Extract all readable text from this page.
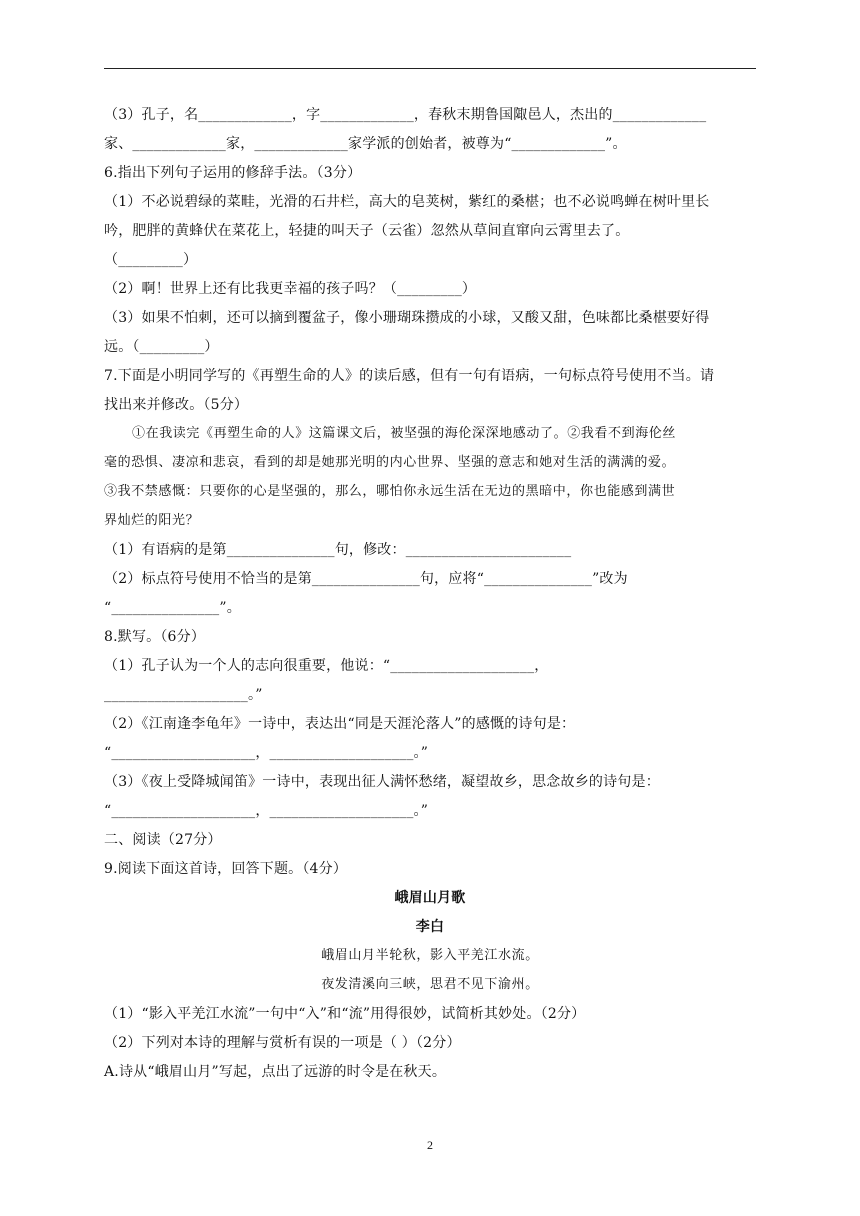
（3）孔子，名_____________，字_____________，春秋末期鲁国陬邑人，杰出的_____________
家、_____________家，_____________家学派的创始者，被尊为“_____________”。
6.指出下列句子运用的修辞手法。（3分）
（1）不必说碧绿的菜畦，光滑的石井栏，高大的皂荚树，紫红的桑椹；也不必说鸣蝉在树叶里长
吟，肥胖的黄蜂伏在菜花上，轻捷的叫天子（云雀）忽然从草间直窜向云霄里去了。
（_________）
（2）啊！世界上还有比我更幸福的孩子吗？（_________）
（3）如果不怕刺，还可以摘到覆盆子，像小珊瑚珠攒成的小球，又酸又甜，色味都比桑椹要好得
远。（_________）
7.下面是小明同学写的《再塑生命的人》的读后感，但有一句有语病，一句标点符号使用不当。请
找出来并修改。（5分）
①在我读完《再塑生命的人》这篇课文后，被坚强的海伦深深地感动了。②我看不到海伦丝
毫的恐惧、凄凉和悲哀，看到的却是她那光明的内心世界、坚强的意志和她对生活的满满的爱。
③我不禁感慨：只要你的心是坚强的，那么，哪怕你永远生活在无边的黑暗中，你也能感到满世
界灿烂的阳光？
（1）有语病的是第_______________句，修改：_______________________
（2）标点符号使用不恰当的是第_______________句，应将“_______________”改为
“_______________”。
8.默写。（6分）
（1）孔子认为一个人的志向很重要，他说：“____________________，
____________________。”
（2）《江南逢李龟年》一诗中，表达出“同是天涯沦落人”的感慨的诗句是：
“____________________，____________________。”
（3）《夜上受降城闻笛》一诗中，表现出征人满怀愁绪，凝望故乡，思念故乡的诗句是：
“____________________，____________________。”
二、阅读（27分）
9.阅读下面这首诗，回答下题。（4分）
峨眉山月歌
李白
峨眉山月半轮秋，影入平羌江水流。
夜发清溪向三峡，思君不见下渝州。
（1）“影入平羌江水流”一句中“入”和“流”用得很妙，试简析其妙处。（2分）
（2）下列对本诗的理解与赏析有误的一项是（ ）（2分）
A.诗从“峨眉山月”写起，点出了远游的时令是在秋天。
2
